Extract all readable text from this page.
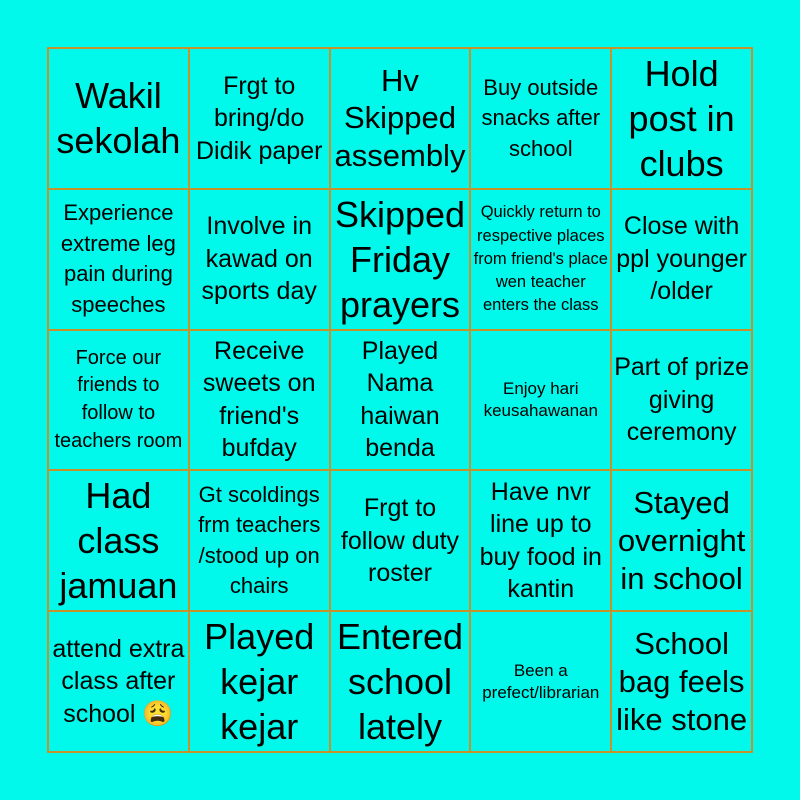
Wakil sekolah
Frgt to bring/do Didik paper
Hv Skipped assembly
Buy outside snacks after school
Hold post in clubs
Experience extreme leg pain during speeches
Involve in kawad on sports day
Skipped Friday prayers
Quickly return to respective places from friend's place wen teacher enters the class
Close with ppl younger /older
Force our friends to follow to teachers room
Receive sweets on friend's bufday
Played Nama haiwan benda
Enjoy hari keusahawanan
Part of prize giving ceremony
Had class jamuan
Gt scoldings frm teachers /stood up on chairs
Frgt to follow duty roster
Have nvr line up to buy food in kantin
Stayed overnight in school
attend extra class after school 😩
Played kejar kejar
Entered school lately
Been a prefect/librarian
School bag feels like stone
